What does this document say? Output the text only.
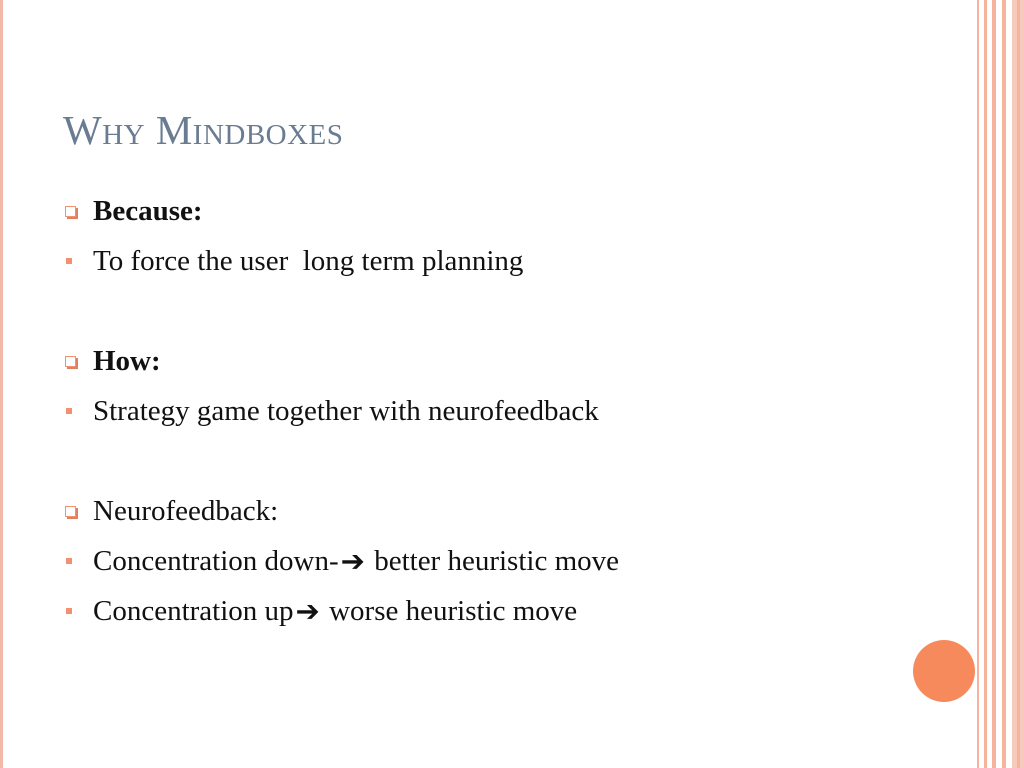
Why Mindboxes
Because:
To force the user  long term planning
How:
Strategy game together with neurofeedback
Neurofeedback:
Concentration down- ➔ better heuristic move
Concentration up ➔ worse heuristic move
